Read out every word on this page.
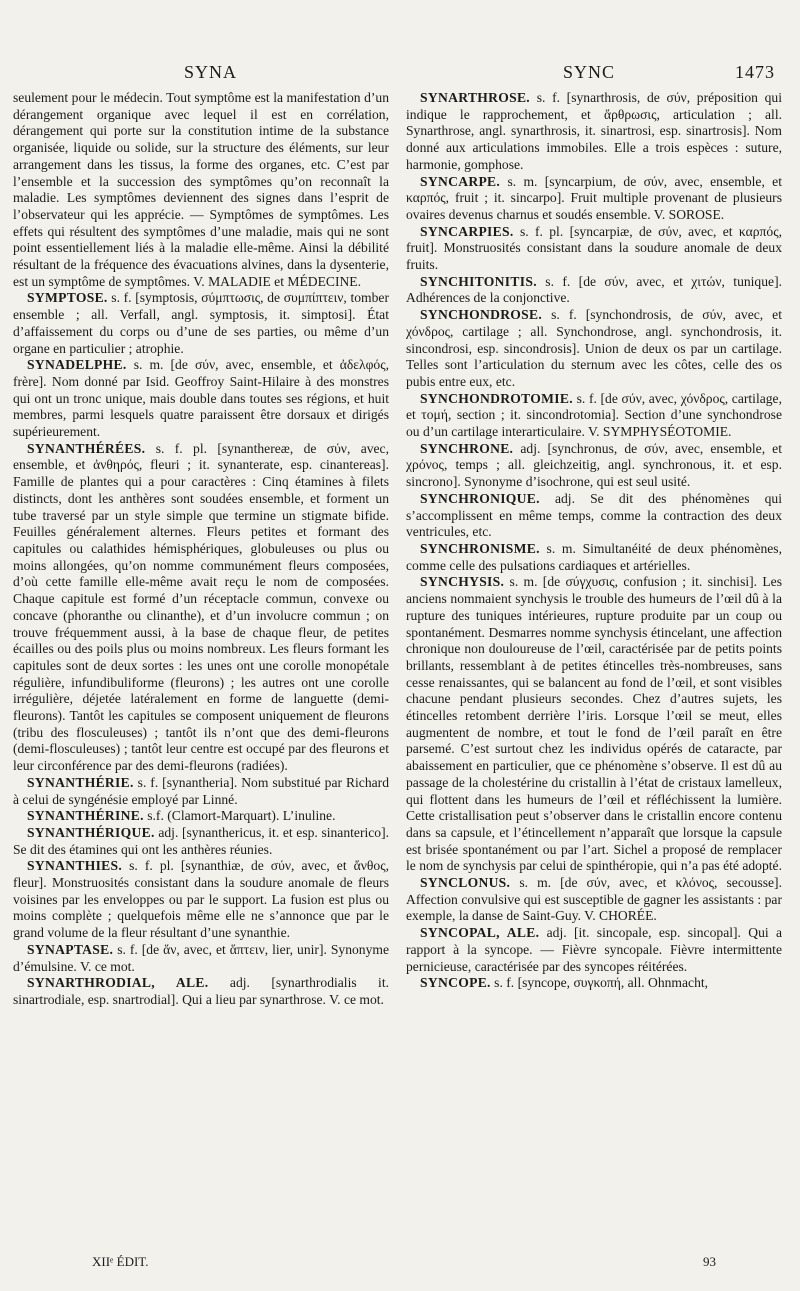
SYNA	SYNC	1473

seulement pour le médecin. Tout symptôme est la manifestation d’un dérangement organique avec lequel il est en corrélation, dérangement qui porte sur la constitution intime de la substance organisée, liquide ou solide, sur la structure des éléments, sur leur arrangement dans les tissus, la forme des organes, etc. C’est par l’ensemble et la succession des symptômes qu’on reconnaît la maladie. Les symptômes deviennent des signes dans l’esprit de l’observateur qui les apprécie. — Symptômes de symptômes. Les effets qui résultent des symptômes d’une maladie, mais qui ne sont point essentiellement liés à la maladie elle-même. Ainsi la débilité résultant de la fréquence des évacuations alvines, dans la dysenterie, est un symptôme de symptômes. V. MALADIE et MÉDECINE.

SYMPTOSE. s. f. [symptosis, σύμπτωσις, de συμπίπτειν, tomber ensemble ; all. Verfall, angl. symptosis, it. simptosi]. État d’affaissement du corps ou d’une de ses parties, ou même d’un organe en particulier ; atrophie.

SYNADELPHE. s. m. [de σύν, avec, ensemble, et ἀδελφός, frère]. Nom donné par Isid. Geoffroy Saint-Hilaire à des monstres qui ont un tronc unique, mais double dans toutes ses régions, et huit membres, parmi lesquels quatre paraissent être dorsaux et dirigés supérieurement.

SYNANTHÉRÉES. s. f. pl. [synantherеæ, de σύν, avec, ensemble, et ἀνθηρός, fleuri ; it. synanterate, esp. cinantereas]. Famille de plantes qui a pour caractères : Cinq étamines à filets distincts, dont les anthères sont soudées ensemble, et forment un tube traversé par un style simple que termine un stigmate bifide. Feuilles généralement alternes. Fleurs petites et formant des capitules ou calathides hémisphériques, globuleuses ou plus ou moins allongées, qu’on nomme communément fleurs composées, d’où cette famille elle-même avait reçu le nom de composées. Chaque capitule est formé d’un réceptacle commun, convexe ou concave (phoranthe ou clinanthe), et d’un involucre commun ; on trouve fréquemment aussi, à la base de chaque fleur, de petites écailles ou des poils plus ou moins nombreux. Les fleurs formant les capitules sont de deux sortes : les unes ont une corolle monopétale régulière, infundibuliforme (fleurons) ; les autres ont une corolle irrégulière, déjetée latéralement en forme de languette (demi-fleurons). Tantôt les capitules se composent uniquement de fleurons (tribu des flosculeuses) ; tantôt ils n’ont que des demi-fleurons (demi-flosculeuses) ; tantôt leur centre est occupé par des fleurons et leur circonférence par des demi-fleurons (radiées).

SYNANTHÉRIE. s. f. [synantheria]. Nom substitué par Richard à celui de syngénésie employé par Linné.

SYNANTHÉRINE. s.f. (Clamort-Marquart). L’inuline.

SYNANTHÉRIQUE. adj. [synanthericus, it. et esp. sinanterico]. Se dit des étamines qui ont les anthères réunies.

SYNANTHIES. s. f. pl. [synanthiæ, de σύν, avec, et ἄνθος, fleur]. Monstruosités consistant dans la soudure anomale de fleurs voisines par les enveloppes ou par le support. La fusion est plus ou moins complète ; quelquefois même elle ne s’annonce que par le grand volume de la fleur résultant d’une synanthie.

SYNAPTASE. s. f. [de ἅν, avec, et ἅπτειν, lier, unir]. Synonyme d’émulsine. V. ce mot.

SYNARTHRODIAL, ALE. adj. [synarthrodialis it. sinartrodiale, esp. snartrodial]. Qui a lieu par synarthrose. V. ce mot.

SYNARTHROSE. s. f. [synarthrosis, de σύν, préposition qui indique le rapprochement, et ἄρθρωσις, articulation ; all. Synarthrose, angl. synarthrosis, it. sinartrosi, esp. sinartrosis]. Nom donné aux articulations immobiles. Elle a trois espèces : suture, harmonie, gomphose.

SYNCARPE. s. m. [syncarpium, de σύν, avec, ensemble, et καρπός, fruit ; it. sincarpo]. Fruit multiple provenant de plusieurs ovaires devenus charnus et soudés ensemble. V. SOROSE.

SYNCARPIES. s. f. pl. [syncarpiæ, de σύν, avec, et καρπός, fruit]. Monstruosités consistant dans la soudure anomale de deux fruits.

SYNCHITONITIS. s. f. [de σύν, avec, et χιτών, tunique]. Adhérences de la conjonctive.

SYNCHONDROSE. s. f. [synchondrosis, de σύν, avec, et χόνδρος, cartilage ; all. Synchondrose, angl. synchondrosis, it. sincondrosi, esp. sincondrosis]. Union de deux os par un cartilage. Telles sont l’articulation du sternum avec les côtes, celle des os pubis entre eux, etc.

SYNCHONDROTOMIE. s. f. [de σύν, avec, χόνδρος, cartilage, et τομή, section ; it. sincondrotomia]. Section d’une synchondrose ou d’un cartilage interarticulaire. V. SYMPHYSÉOTOMIE.

SYNCHRONE. adj. [synchronus, de σύν, avec, ensemble, et χρόνος, temps ; all. gleichzeitig, angl. synchronous, it. et esp. sincrono]. Synonyme d’isochrone, qui est seul usité.

SYNCHRONIQUE. adj. Se dit des phénomènes qui s’accomplissent en même temps, comme la contraction des deux ventricules, etc.

SYNCHRONISME. s. m. Simultanéité de deux phénomènes, comme celle des pulsations cardiaques et artérielles.

SYNCHYSIS. s. m. [de σύγχυσις, confusion ; it. sinchisi]. Les anciens nommaient synchysis le trouble des humeurs de l’œil dû à la rupture des tuniques intérieures, rupture produite par un coup ou spontanément. Desmarres nomme synchysis étincelant, une affection chronique non douloureuse de l’œil, caractérisée par de petits points brillants, ressemblant à de petites étincelles très-nombreuses, sans cesse renaissantes, qui se balancent au fond de l’œil, et sont visibles chacune pendant plusieurs secondes. Chez d’autres sujets, les étincelles retombent derrière l’iris. Lorsque l’œil se meut, elles augmentent de nombre, et tout le fond de l’œil paraît en être parsemé. C’est surtout chez les individus opérés de cataracte, par abaissement en particulier, que ce phénomène s’observe. Il est dû au passage de la cholestérine du cristallin à l’état de cristaux lamelleux, qui flottent dans les humeurs de l’œil et réfléchissent la lumière. Cette cristallisation peut s’observer dans le cristallin encore contenu dans sa capsule, et l’étincellement n’apparaît que lorsque la capsule est brisée spontanément ou par l’art. Sichel a proposé de remplacer le nom de synchysis par celui de spinthéropie, qui n’a pas été adopté.

SYNCLONUS. s. m. [de σύν, avec, et κλόνος, secousse]. Affection convulsive qui est susceptible de gagner les assistants : par exemple, la danse de Saint-Guy. V. CHORÉE.

SYNCOPAL, ALE. adj. [it. sincopale, esp. sincopal]. Qui a rapport à la syncope. — Fièvre syncopale. Fièvre intermittente pernicieuse, caractérisée par des syncopes réitérées.

SYNCOPE. s. f. [syncope, συγκοπή, all. Ohnmacht,

XIIᵉ ÉDIT.	93
